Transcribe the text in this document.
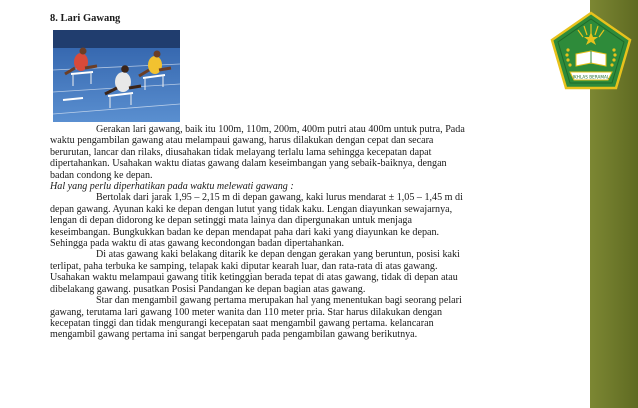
IKHLAS BERAMAL
8. Lari Gawang

Gerakan lari gawang, baik itu 100m, 110m, 200m, 400m putri atau 400m untuk putra, Pada
waktu pengambilan gawang atau melampaui gawang, harus dilakukan dengan cepat dan secara
berurutan, lancar dan rilaks, diusahakan tidak melayang terlalu lama sehingga kecepatan dapat
dipertahankan. Usahakan waktu diatas gawang dalam keseimbangan yang sebaik-baiknya, dengan
badan condong ke depan.

Hal yang perlu diperhatikan pada waktu melewati gawang :

Bertolak dari jarak 1,95 – 2,15 m di depan gawang, kaki lurus mendarat ± 1,05 – 1,45 m di
depan gawang. Ayunan kaki ke depan dengan lutut yang tidak kaku. Lengan diayunkan sewajarnya,
lengan di depan didorong ke depan setinggi mata lainya dan dipergunakan untuk menjaga
keseimbangan. Bungkukkan badan ke depan mendapat paha dari kaki yang diayunkan ke depan.
Sehingga pada waktu di atas gawang kecondongan badan dipertahankan.

Di atas gawang kaki belakang ditarik ke depan dengan gerakan yang beruntun, posisi kaki
terlipat, paha terbuka ke samping, telapak kaki diputar kearah luar, dan rata-rata di atas gawang.
Usahakan waktu melampaui gawang titik ketinggian berada tepat di atas gawang, tidak di depan atau
dibelakang gawang. pusatkan Posisi Pandangan ke depan bagian atas gawang.

Star dan mengambil gawang pertama merupakan hal yang menentukan bagi seorang pelari
gawang, terutama lari gawang 100 meter wanita dan 110 meter pria. Star harus dilakukan dengan
kecepatan tinggi dan tidak mengurangi kecepatan saat mengambil gawang pertama. kelancaran
mengambil gawang pertama ini sangat berpengaruh pada pengambilan gawang berikutnya.
